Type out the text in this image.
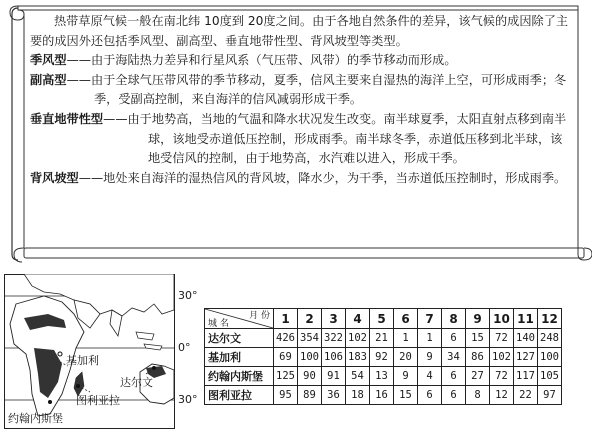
热带草原气候一般在南北纬 10度到 20度之间。由于各地自然条件的差异，该气候的成因除了主要的成因外还包括季风型、副高型、垂直地带性型、背风坡型等类型。

季风型——由于海陆热力差异和行星风系（气压带、风带）的季节移动而形成。

副高型——由于全球气压带风带的季节移动，夏季，信风主要来自湿热的海洋上空，可形成雨季；冬季，受副高控制，来自海洋的信风减弱形成干季。

垂直地带性型——由于地势高，当地的气温和降水状况发生改变。南半球夏季，太阳直射点移到南半球，该地受赤道低压控制，形成雨季。南半球冬季，赤道低压移到北半球，该地受信风的控制，由于地势高，水汽难以进入，形成干季。

背风坡型——地处来自海洋的湿热信风的背风坡，降水少，为干季，当赤道低压控制时，形成雨季。

30°
0°
30°
基加利
达尔文
图利亚拉
约翰内斯堡
月 份
城 名	1	2	3	4	5	6	7	8	9	10	11	12
达尔文	426	354	322	102	21	1	1	6	15	72	140	248
基加利	69	100	106	183	92	20	9	34	86	102	127	100
约翰内斯堡	125	90	91	54	13	9	4	6	27	72	117	105
图利亚拉	95	89	36	18	16	15	6	6	8	12	22	97
